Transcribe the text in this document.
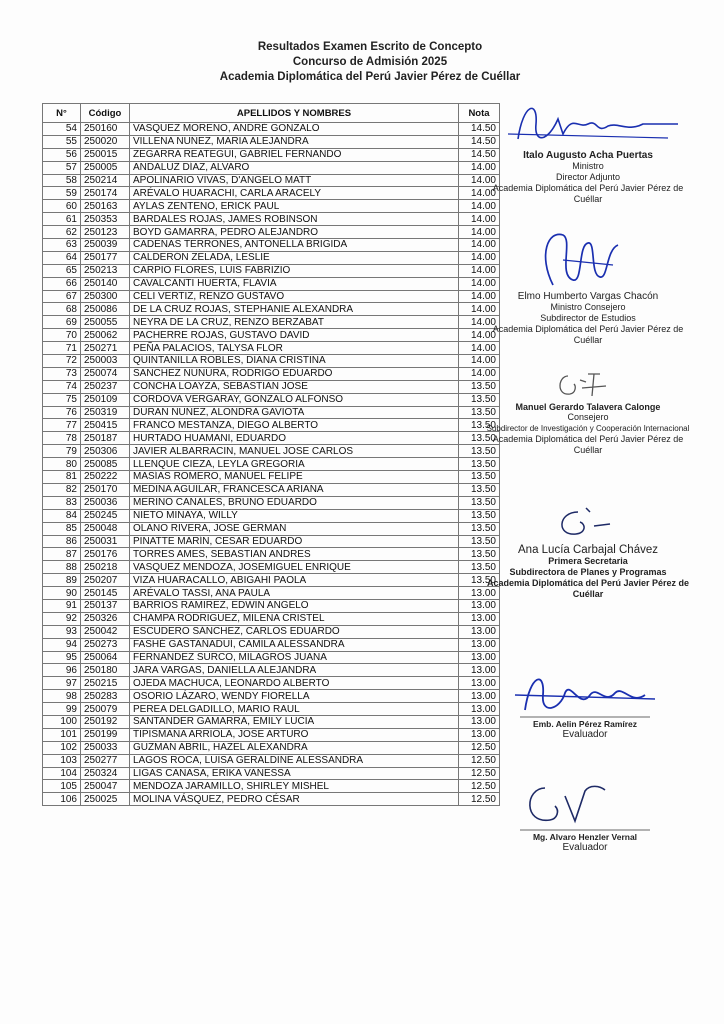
Resultados Examen Escrito de Concepto
Concurso de Admisión 2025
Academia Diplomática del Perú Javier Pérez de Cuéllar
N°	Código	APELLIDOS Y NOMBRES	Nota
54	250160	VASQUEZ MORENO, ANDRÉ GONZALO	14.50
55	250020	VILLENA NUÑEZ, MARIA ALEJANDRA	14.50
56	250015	ZEGARRA REATEGUI, GABRIEL FERNANDO	14.50
57	250005	ANDALUZ DÍAZ, ALVARO	14.00
58	250214	APOLINARIO VIVAS, D'ANGELO MATT	14.00
59	250174	ARÉVALO HUARACHI, CARLA ARACELY	14.00
60	250163	AYLAS ZENTENO, ERICK PAUL	14.00
61	250353	BARDALES ROJAS, JAMES ROBINSON	14.00
62	250123	BOYD GAMARRA, PEDRO ALEJANDRO	14.00
63	250039	CADENAS TERRONES, ANTONELLA BRIGIDA	14.00
64	250177	CALDERÓN ZELADA, LESLIE	14.00
65	250213	CARPIO FLORES, LUIS FABRIZIO	14.00
66	250140	CAVALCANTI HUERTA, FLAVIA	14.00
67	250300	CELI VERTIZ, RENZO GUSTAVO	14.00
68	250086	DE LA CRUZ ROJAS, STEPHANIE ALEXANDRA	14.00
69	250055	NEYRA DE LA CRUZ, RENZO BERZABAT	14.00
70	250062	PACHERRE ROJAS, GUSTAVO DAVID	14.00
71	250271	PEÑA PALACIOS, TALYSA FLOR	14.00
72	250003	QUINTANILLA ROBLES, DIANA CRISTINA	14.00
73	250074	SANCHEZ NUNURA, RODRIGO EDUARDO	14.00
74	250237	CONCHA LOAYZA, SEBASTIAN JOSE	13.50
75	250109	CORDOVA VERGARAY, GONZALO ALFONSO	13.50
76	250319	DURAN NUÑEZ, ALONDRA GAVIOTA	13.50
77	250415	FRANCO MESTANZA, DIEGO ALBERTO	13.50
78	250187	HURTADO HUAMANI, EDUARDO	13.50
79	250306	JAVIER ALBARRACIN, MANUEL JOSE CARLOS	13.50
80	250085	LLENQUE CIEZA, LEYLA GREGORIA	13.50
81	250222	MASÍAS ROMERO, MANUEL FELIPE	13.50
82	250170	MEDINA AGUILAR, FRANCESCA ARIANA	13.50
83	250036	MERINO CANALES, BRUNO EDUARDO	13.50
84	250245	NIETO MINAYA, WILLY	13.50
85	250048	OLANO RIVERA, JOSE GERMAN	13.50
86	250031	PINATTE MARÍN, CESAR EDUARDO	13.50
87	250176	TORRES AMES, SEBASTIAN ANDRES	13.50
88	250218	VASQUEZ MENDOZA, JOSEMIGUEL ENRIQUE	13.50
89	250207	VIZA HUARACALLO, ABIGAHI PAOLA	13.50
90	250145	ARÉVALO TASSI, ANA PAULA	13.00
91	250137	BARRIOS RAMIREZ, EDWIN ANGELO	13.00
92	250326	CHAMPA RODRIGUEZ, MILENA CRISTEL	13.00
93	250042	ESCUDERO SÁNCHEZ, CARLOS EDUARDO	13.00
94	250273	FASHÉ GASTAÑADUÍ, CAMILA ALESSANDRA	13.00
95	250064	FERNANDEZ SURCO, MILAGROS JUANA	13.00
96	250180	JARA VARGAS, DANIELLA ALEJANDRA	13.00
97	250215	OJEDA MACHUCA, LEONARDO ALBERTO	13.00
98	250283	OSORIO LÁZARO, WENDY FIORELLA	13.00
99	250079	PEREA DELGADILLO, MARIO RAUL	13.00
100	250192	SANTANDER GAMARRA, EMILY LUCIA	13.00
101	250199	TIPISMANA ARRIOLA, JOSE ARTURO	13.00
102	250033	GUZMAN ABRIL, HAZEL ALEXANDRA	12.50
103	250277	LAGOS ROCA, LUISA GERALDINE ALESSANDRA	12.50
104	250324	LIGAS CANASA, ERIKA VANESSA	12.50
105	250047	MENDOZA JARAMILLO, SHIRLEY MISHEL	12.50
106	250025	MOLINA VÁSQUEZ, PEDRO CÉSAR	12.50
Italo Augusto Acha Puertas
Ministro
Director Adjunto
Academia Diplomática del Perú Javier Pérez de Cuéllar
Elmo Humberto Vargas Chacón
Ministro Consejero
Subdirector de Estudios
Academia Diplomática del Perú Javier Pérez de Cuéllar
Manuel Gerardo Talavera Calonge
Consejero
Subdirector de Investigación y Cooperación Internacional
Academia Diplomática del Perú Javier Pérez de Cuéllar
Ana Lucía Carbajal Chávez
Primera Secretaria
Subdirectora de Planes y Programas
Academia Diplomática del Perú Javier Pérez de Cuéllar
Emb. Aelin Pérez Ramírez
Evaluador
Mg. Alvaro Henzler Vernal
Evaluador
